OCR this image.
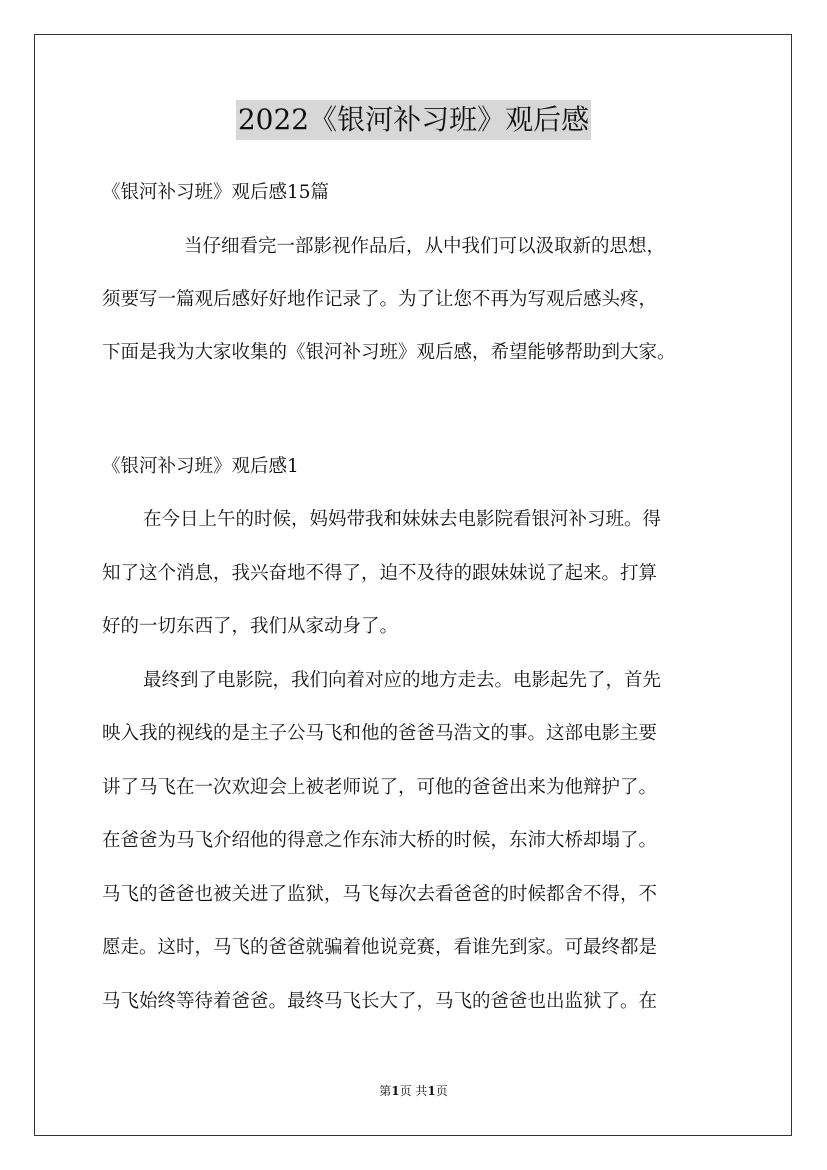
2022《银河补习班》观后感
《银河补习班》观后感15篇
当仔细看完一部影视作品后，从中我们可以汲取新的思想，
须要写一篇观后感好好地作记录了。为了让您不再为写观后感头疼，
下面是我为大家收集的《银河补习班》观后感，希望能够帮助到大家。
《银河补习班》观后感1
在今日上午的时候，妈妈带我和妹妹去电影院看银河补习班。得
知了这个消息，我兴奋地不得了，迫不及待的跟妹妹说了起来。打算
好的一切东西了，我们从家动身了。
最终到了电影院，我们向着对应的地方走去。电影起先了，首先
映入我的视线的是主子公马飞和他的爸爸马浩文的事。这部电影主要
讲了马飞在一次欢迎会上被老师说了，可他的爸爸出来为他辩护了。
在爸爸为马飞介绍他的得意之作东沛大桥的时候，东沛大桥却塌了。
马飞的爸爸也被关进了监狱，马飞每次去看爸爸的时候都舍不得，不
愿走。这时，马飞的爸爸就骗着他说竞赛，看谁先到家。可最终都是
马飞始终等待着爸爸。最终马飞长大了，马飞的爸爸也出监狱了。在
第1页 共1页
